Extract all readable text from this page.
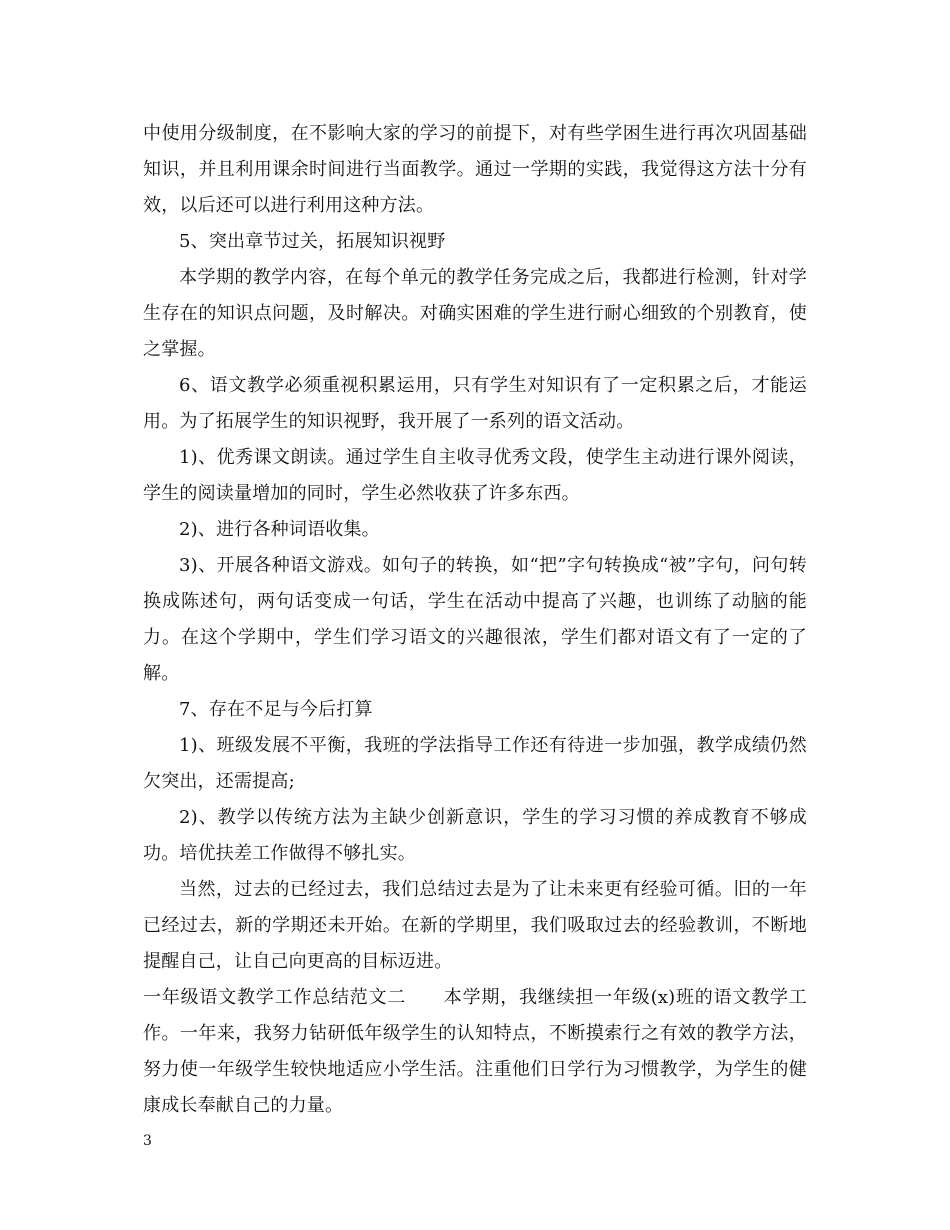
中使用分级制度，在不影响大家的学习的前提下，对有些学困生进行再次巩固基础知识，并且利用课余时间进行当面教学。通过一学期的实践，我觉得这方法十分有效，以后还可以进行利用这种方法。

5、突出章节过关，拓展知识视野

本学期的教学内容，在每个单元的教学任务完成之后，我都进行检测，针对学生存在的知识点问题，及时解决。对确实困难的学生进行耐心细致的个别教育，使之掌握。

6、语文教学必须重视积累运用，只有学生对知识有了一定积累之后，才能运用。为了拓展学生的知识视野，我开展了一系列的语文活动。

1)、优秀课文朗读。通过学生自主收寻优秀文段，使学生主动进行课外阅读，学生的阅读量增加的同时，学生必然收获了许多东西。

2)、进行各种词语收集。

3)、开展各种语文游戏。如句子的转换，如“把”字句转换成“被”字句，问句转换成陈述句，两句话变成一句话，学生在活动中提高了兴趣，也训练了动脑的能力。在这个学期中，学生们学习语文的兴趣很浓，学生们都对语文有了一定的了解。

7、存在不足与今后打算

1)、班级发展不平衡，我班的学法指导工作还有待进一步加强，教学成绩仍然欠突出，还需提高;

2)、教学以传统方法为主缺少创新意识，学生的学习习惯的养成教育不够成功。培优扶差工作做得不够扎实。

当然，过去的已经过去，我们总结过去是为了让未来更有经验可循。旧的一年已经过去，新的学期还未开始。在新的学期里，我们吸取过去的经验教训，不断地提醒自己，让自己向更高的目标迈进。

一年级语文教学工作总结范文二　　本学期，我继续担一年级(x)班的语文教学工作。一年来，我努力钻研低年级学生的认知特点，不断摸索行之有效的教学方法，努力使一年级学生较快地适应小学生活。注重他们日学行为习惯教学，为学生的健康成长奉献自己的力量。

3
